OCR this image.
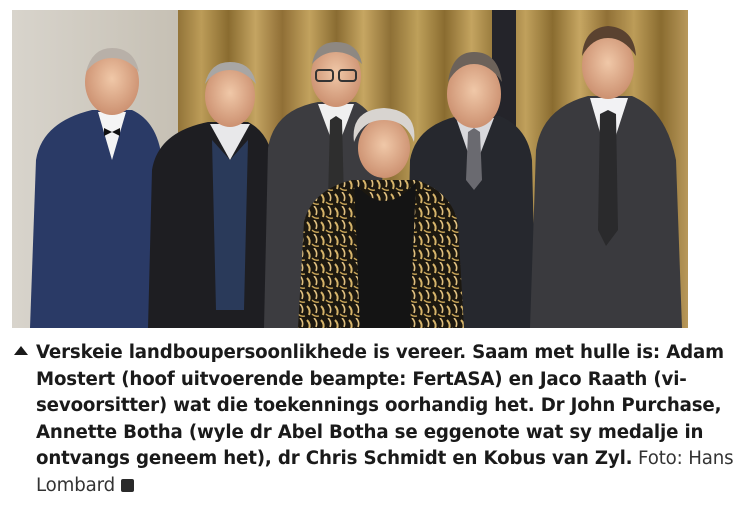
Verskeie landboupersoonlikhede is vereer. Saam met hulle is: Adam
Mostert (hoof uitvoerende beampte: FertASA) en Jaco Raath (vi-
sevoorsitter) wat die toekennings oorhandig het. Dr John Purchase,
Annette Botha (wyle dr Abel Botha se eggenote wat sy medalje in
ontvangs geneem het), dr Chris Schmidt en Kobus van Zyl. Foto: Hans
Lombard
